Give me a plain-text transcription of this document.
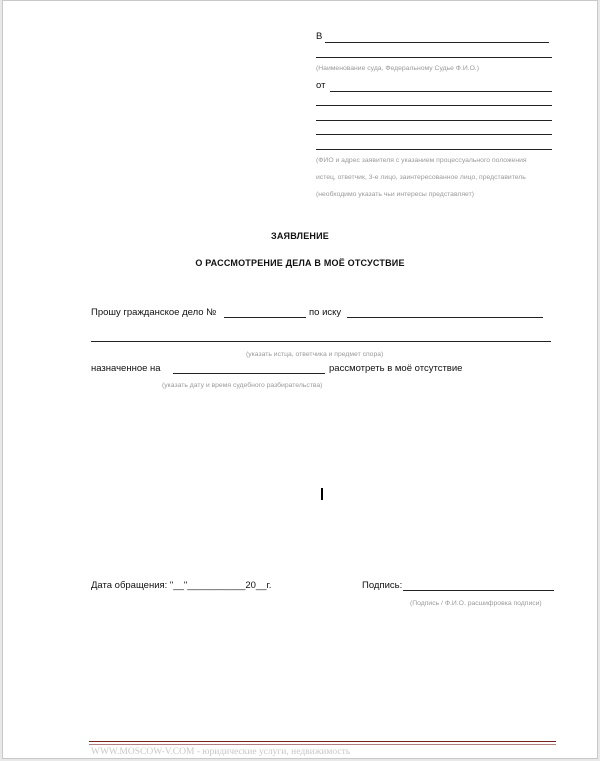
В
(Наименование суда, Федеральному Судье Ф.И.О.)
от
(ФИО и адрес заявителя с указанием процессуального положения
истец, ответчик, 3-е лицо, заинтересованное лицо, представитель
(необходимо указать чьи интересы представляет)
ЗАЯВЛЕНИЕ
О РАССМОТРЕНИЕ ДЕЛА В МОЁ ОТСУСТВИЕ
Прошу гражданское дело №	по иску
(указать истца, ответчика и предмет спора)
назначенное на	рассмотреть в моё отсутствие
(указать дату и время судебного разбирательства)
Дата обращения: "__"___________20__г.	Подпись:
(Подпись / Ф.И.О. расшифровка подписи)
WWW.MOSCOW-V.COM - юридические услуги, недвижимость
